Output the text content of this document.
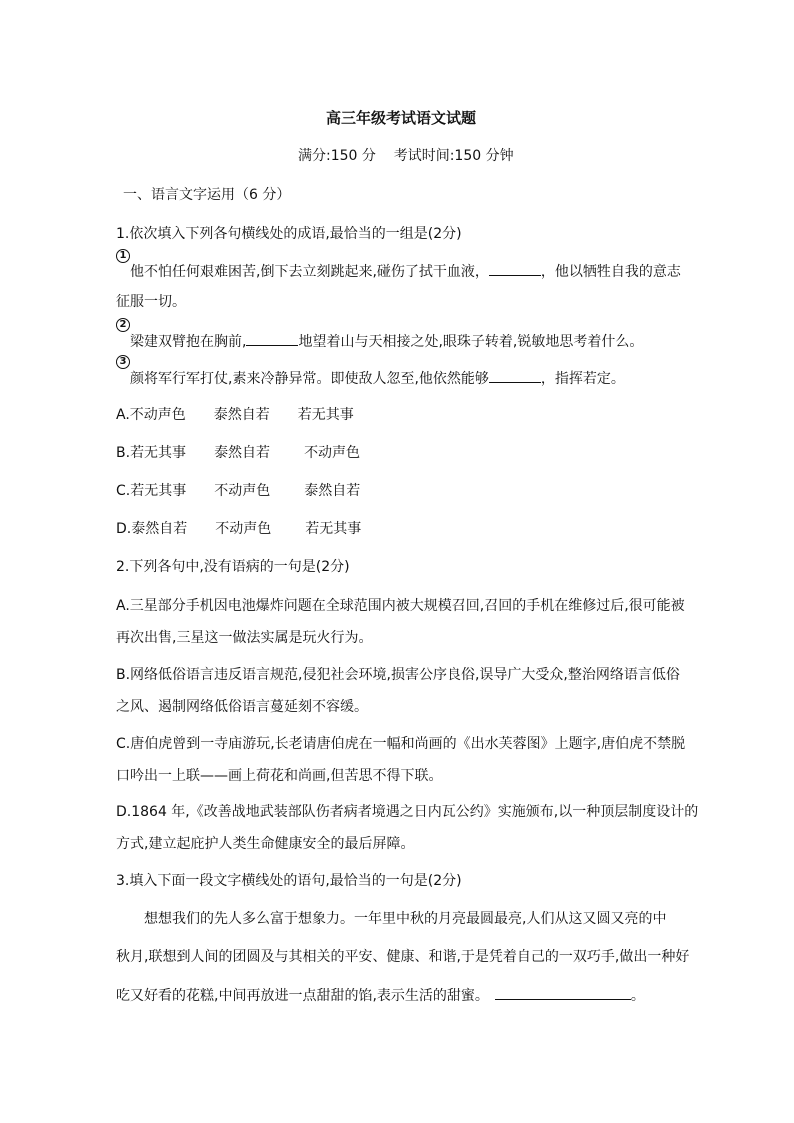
高三年级考试语文试题
满分:150 分    考试时间:150 分钟
一、语言文字运用（6 分）
1.依次填入下列各句横线处的成语,最恰当的一组是(2分)
1
他不怕任何艰难困苦,倒下去立刻跳起来,碰伤了拭干血液，	，他以牺牲自我的意志
征服一切。
2
梁建双臂抱在胸前,	地望着山与天相接之处,眼珠子转着,锐敏地思考着什么。
3
颜将军行军打仗,素来冷静异常。即使敌人忽至,他依然能够	，指挥若定。
A.不动声色 泰然自若 若无其事
B.若无其事 泰然自若 不动声色
C.若无其事 不动声色 泰然自若
D.泰然自若 不动声色 若无其事
2.下列各句中,没有语病的一句是(2分)
A.三星部分手机因电池爆炸问题在全球范围内被大规模召回,召回的手机在维修过后,很可能被
再次出售,三星这一做法实属是玩火行为。
B.网络低俗语言违反语言规范,侵犯社会环境,损害公序良俗,误导广大受众,整治网络语言低俗
之风、遏制网络低俗语言蔓延刻不容缓。
C.唐伯虎曾到一寺庙游玩,长老请唐伯虎在一幅和尚画的《出水芙蓉图》上题字,唐伯虎不禁脱
口吟出一上联——画上荷花和尚画,但苦思不得下联。
D.1864 年,《改善战地武装部队伤者病者境遇之日内瓦公约》实施颁布,以一种顶层制度设计的
方式,建立起庇护人类生命健康安全的最后屏障。
3.填入下面一段文字横线处的语句,最恰当的一句是(2分)
想想我们的先人多么富于想象力。一年里中秋的月亮最圆最亮,人们从这又圆又亮的中
秋月,联想到人间的团圆及与其相关的平安、健康、和谐,于是凭着自己的一双巧手,做出一种好
吃又好看的花糕,中间再放进一点甜甜的馅,表示生活的甜蜜。	。
